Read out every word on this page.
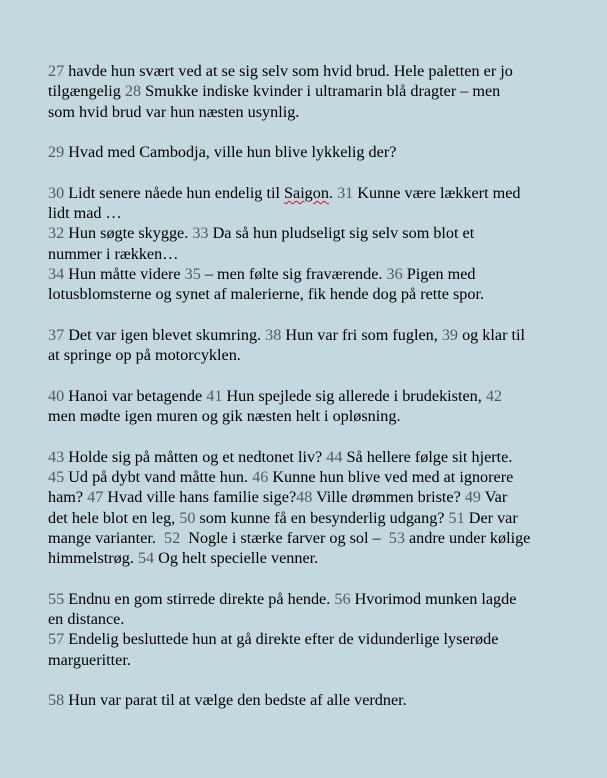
27 havde hun svært ved at se sig selv som hvid brud. Hele paletten er jo
tilgængelig 28 Smukke indiske kvinder i ultramarin blå dragter – men
som hvid brud var hun næsten usynlig.
29 Hvad med Cambodja, ville hun blive lykkelig der?
30 Lidt senere nåede hun endelig til Saigon. 31 Kunne være lækkert med
lidt mad …
32 Hun søgte skygge. 33 Da så hun pludseligt sig selv som blot et
nummer i rækken…
34 Hun måtte videre 35 – men følte sig fraværende. 36 Pigen med
lotusblomsterne og synet af malerierne, fik hende dog på rette spor.
37 Det var igen blevet skumring. 38 Hun var fri som fuglen, 39 og klar til
at springe op på motorcyklen.
40 Hanoi var betagende 41 Hun spejlede sig allerede i brudekisten, 42
men mødte igen muren og gik næsten helt i opløsning.
43 Holde sig på måtten og et nedtonet liv? 44 Så hellere følge sit hjerte.
45 Ud på dybt vand måtte hun. 46 Kunne hun blive ved med at ignorere
ham? 47 Hvad ville hans familie sige?48 Ville drømmen briste? 49 Var
det hele blot en leg, 50 som kunne få en besynderlig udgang? 51 Der var
mange varianter.  52  Nogle i stærke farver og sol –  53 andre under kølige
himmelstrøg. 54 Og helt specielle venner.
55 Endnu en gom stirrede direkte på hende. 56 Hvorimod munken lagde
en distance.
57 Endelig besluttede hun at gå direkte efter de vidunderlige lyserøde
margueritter.
58 Hun var parat til at vælge den bedste af alle verdner.
